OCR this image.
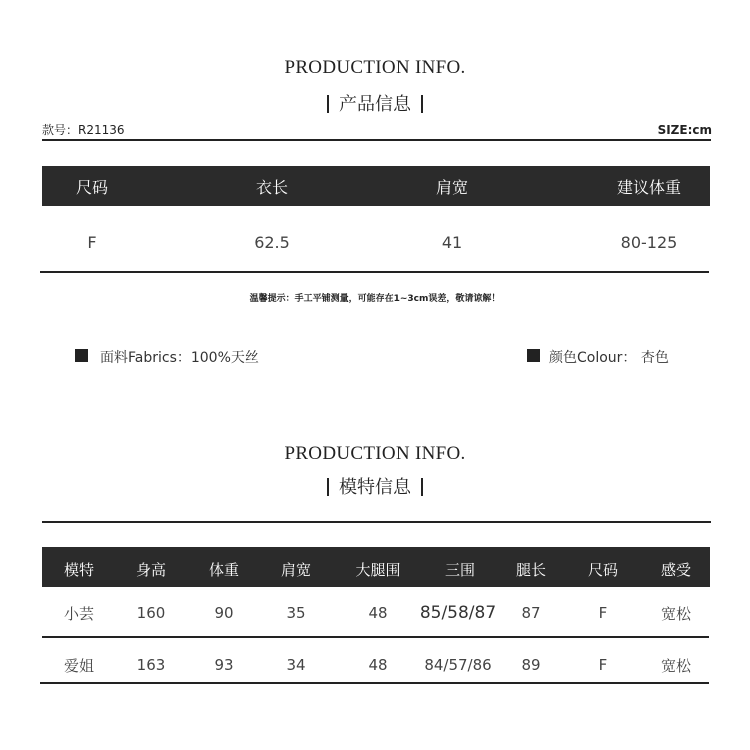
PRODUCTION INFO.
产品信息
款号：R21136	SIZE:cm
尺码	衣长	肩宽	建议体重
F	62.5	41	80-125
温馨提示：手工平铺测量，可能存在1~3cm误差，敬请谅解！
面料Fabrics：100%天丝	颜色Colour： 杏色
PRODUCTION INFO.
模特信息
模特	身高	体重	肩宽	大腿围	三围	腿长	尺码	感受
小芸	160	90	35	48	85/58/87	87	F	宽松
爱姐	163	93	34	48	84/57/86	89	F	宽松
